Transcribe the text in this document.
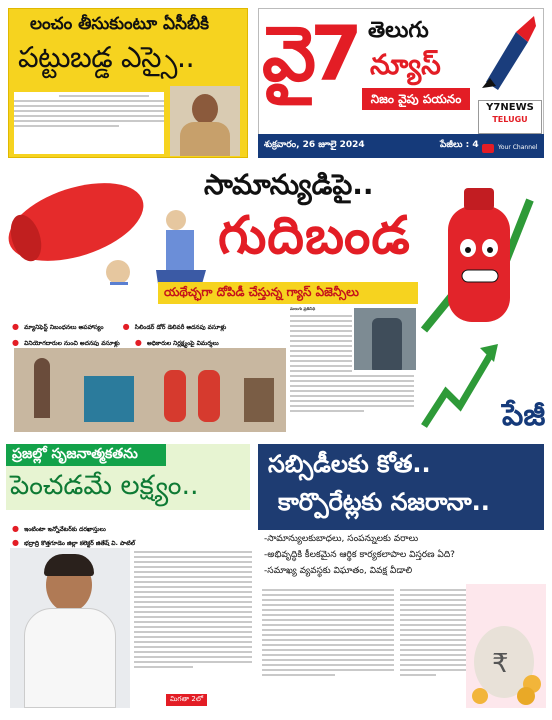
లంచం తీసుకుంటూ ఏసీబీకి
పట్టుబడ్డ ఎస్సై.. వై7 తెలుగు
న్యూస్
నిజం వైపు పయనం
శుక్రవారం, 26 జూలై 2024	పేజీలు : 4
Y7NEWS
TELUGU
Your Channel
సామాన్యుడిపై..
గుదిబండ
యథేచ్ఛగా దోపిడీ చేస్తున్న గ్యాస్ ఏజెన్సీలు
● మ్యానిఫెస్ట్ నిబంధనలు అపహాస్యం ● సిలిండర్‌ డోర్‌ డెలివరీ అదనపు వసూళ్లు
● వినియోగదారుల నుంచి అదనపు వసూళ్లు ● అధికారుల నిర్లక్ష్యంపై విమర్శలు
మలుగు ప్రతినిధి
పేజీ
ప్రజల్లో సృజనాత్మకతను
పెంచడమే లక్ష్యం..
● ఇంటింటా ఇన్నోవేటర్‌కు దరఖాస్తులు
● భద్రాద్రి కొత్తగూడెం జిల్లా కలెక్టర్ జితేష్ వి. పాటిల్
మిగతా 2లో
సబ్సిడీలకు కోత..
కార్పొరేట్లకు నజరానా..
-సామాన్యులకుబాధలు, సంపన్నులకు వరాలు
-అభివృద్ధికి కీలకమైన ఆర్థిక కార్యకలాపాల విస్తరణ ఏది?
-సమాఖ్య వ్యవస్థకు విఘాతం, వివక్ష వీడాలి
₹
